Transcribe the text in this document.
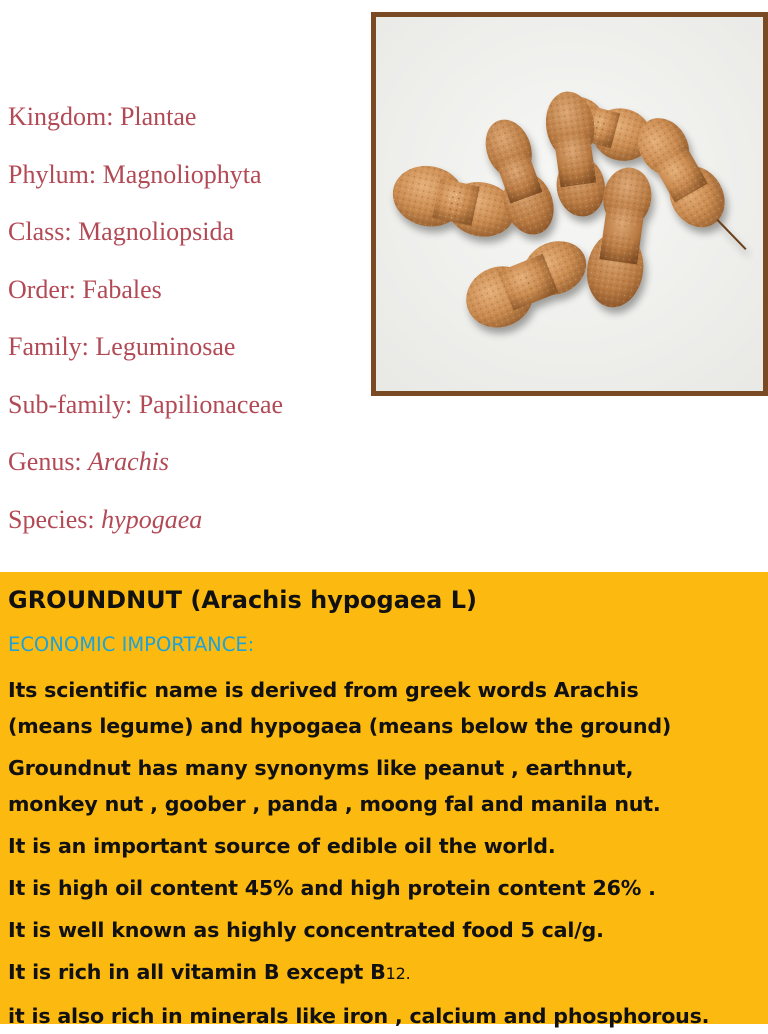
Kingdom: Plantae
Phylum: Magnoliophyta
Class: Magnoliopsida
Order: Fabales
Family: Leguminosae
Sub-family: Papilionaceae
Genus: Arachis
Species: hypogaea
GROUNDNUT (Arachis hypogaea L)
ECONOMIC IMPORTANCE:
Its scientific name is derived from greek words Arachis
(means legume) and hypogaea (means below the ground)
Groundnut has many synonyms like peanut , earthnut,
monkey nut , goober , panda , moong fal and manila nut.
It is an important source of edible oil the world.
It is high oil content 45% and high protein content 26% .
It is well known as highly concentrated food 5 cal/g.
It is rich in all vitamin B except B12.
it is also rich in minerals like iron , calcium and phosphorous.
